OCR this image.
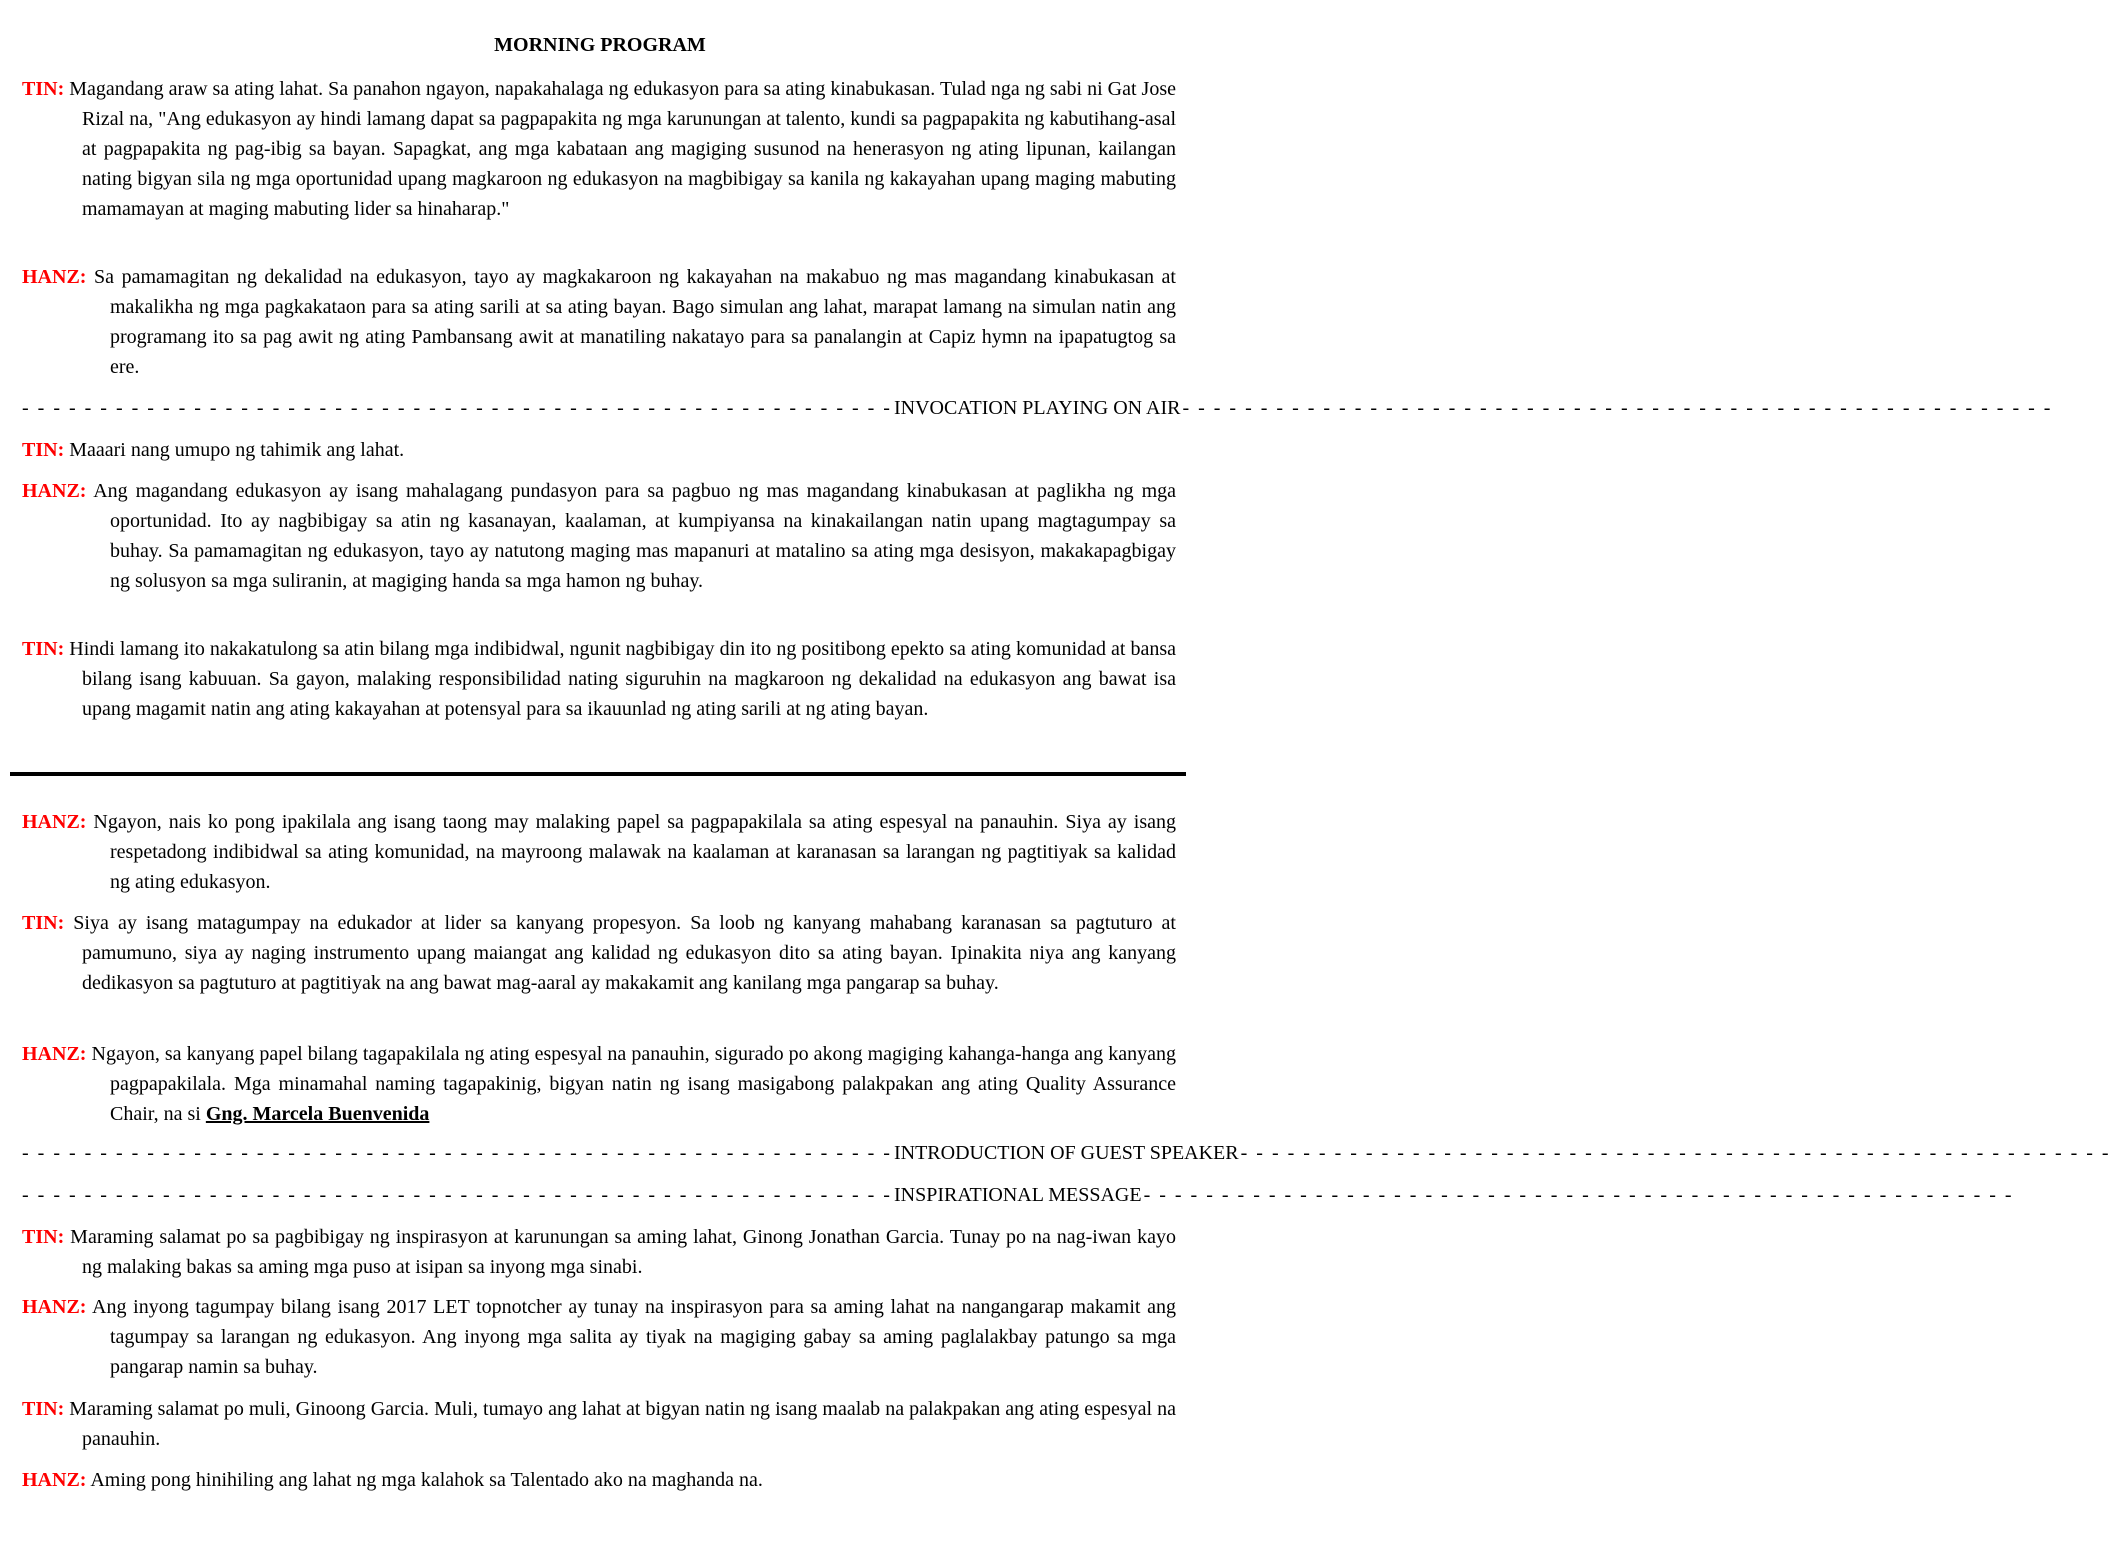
MORNING PROGRAM

TIN: Magandang araw sa ating lahat. Sa panahon ngayon, napakahalaga ng edukasyon para sa ating kinabukasan. Tulad nga ng sabi ni Gat Jose Rizal na, "Ang edukasyon ay hindi lamang dapat sa pagpapakita ng mga karunungan at talento, kundi sa pagpapakita ng kabutihang-asal at pagpapakita ng pag-ibig sa bayan. Sapagkat, ang mga kabataan ang magiging susunod na henerasyon ng ating lipunan, kailangan nating bigyan sila ng mga oportunidad upang magkaroon ng edukasyon na magbibigay sa kanila ng kakayahan upang maging mabuting mamamayan at maging mabuting lider sa hinaharap."

HANZ: Sa pamamagitan ng dekalidad na edukasyon, tayo ay magkakaroon ng kakayahan na makabuo ng mas magandang kinabukasan at makalikha ng mga pagkakataon para sa ating sarili at sa ating bayan. Bago simulan ang lahat, marapat lamang na simulan natin ang programang ito sa pag awit ng ating Pambansang awit at manatiling nakatayo para sa panalangin at Capiz hymn na ipapatugtog sa ere.

- - - - - - - - - - - - - - - - - - - - - - - - - - - - - - - - - - - - - - - - - - - - - - - - - - - - - - - - INVOCATION PLAYING ON AIR - - - - - - - - - - - - - - - - - - - - - - - - - - - - - - - - - - - - - - - - - - - - - - - - - - - - - - - -

TIN: Maaari nang umupo ng tahimik ang lahat.

HANZ: Ang magandang edukasyon ay isang mahalagang pundasyon para sa pagbuo ng mas magandang kinabukasan at paglikha ng mga oportunidad. Ito ay nagbibigay sa atin ng kasanayan, kaalaman, at kumpiyansa na kinakailangan natin upang magtagumpay sa buhay. Sa pamamagitan ng edukasyon, tayo ay natutong maging mas mapanuri at matalino sa ating mga desisyon, makakapagbigay ng solusyon sa mga suliranin, at magiging handa sa mga hamon ng buhay.

TIN: Hindi lamang ito nakakatulong sa atin bilang mga indibidwal, ngunit nagbibigay din ito ng positibong epekto sa ating komunidad at bansa bilang isang kabuuan. Sa gayon, malaking responsibilidad nating siguruhin na magkaroon ng dekalidad na edukasyon ang bawat isa upang magamit natin ang ating kakayahan at potensyal para sa ikauunlad ng ating sarili at ng ating bayan.

HANZ: Ngayon, nais ko pong ipakilala ang isang taong may malaking papel sa pagpapakilala sa ating espesyal na panauhin. Siya ay isang respetadong indibidwal sa ating komunidad, na mayroong malawak na kaalaman at karanasan sa larangan ng pagtitiyak sa kalidad ng ating edukasyon.

TIN: Siya ay isang matagumpay na edukador at lider sa kanyang propesyon. Sa loob ng kanyang mahabang karanasan sa pagtuturo at pamumuno, siya ay naging instrumento upang maiangat ang kalidad ng edukasyon dito sa ating bayan. Ipinakita niya ang kanyang dedikasyon sa pagtuturo at pagtitiyak na ang bawat mag-aaral ay makakamit ang kanilang mga pangarap sa buhay.

HANZ: Ngayon, sa kanyang papel bilang tagapakilala ng ating espesyal na panauhin, sigurado po akong magiging kahanga-hanga ang kanyang pagpapakilala. Mga minamahal naming tagapakinig, bigyan natin ng isang masigabong palakpakan ang ating Quality Assurance Chair, na si Gng. Marcela Buenvenida

- - - - - - - - - - - - - - - - - - - - - - - - - - - - - - - - - - - - - - - - - - - - - - - - - - - - - - - - INTRODUCTION OF GUEST SPEAKER - - - - - - - - - - - - - - - - - - - - - - - - - - - - - - - - - - - - - - - - - - - - - - - - - - - - - - - -
- - - - - - - - - - - - - - - - - - - - - - - - - - - - - - - - - - - - - - - - - - - - - - - - - - - - - - - - INSPIRATIONAL MESSAGE - - - - - - - - - - - - - - - - - - - - - - - - - - - - - - - - - - - - - - - - - - - - - - - - - - - - - - - -

TIN: Maraming salamat po sa pagbibigay ng inspirasyon at karunungan sa aming lahat, Ginong Jonathan Garcia. Tunay po na nag-iwan kayo ng malaking bakas sa aming mga puso at isipan sa inyong mga sinabi.

HANZ: Ang inyong tagumpay bilang isang 2017 LET topnotcher ay tunay na inspirasyon para sa aming lahat na nangangarap makamit ang tagumpay sa larangan ng edukasyon. Ang inyong mga salita ay tiyak na magiging gabay sa aming paglalakbay patungo sa mga pangarap namin sa buhay.

TIN: Maraming salamat po muli, Ginoong Garcia. Muli, tumayo ang lahat at bigyan natin ng isang maalab na palakpakan ang ating espesyal na panauhin.

HANZ: Aming pong hinihiling ang lahat ng mga kalahok sa Talentado ako na maghanda na.
